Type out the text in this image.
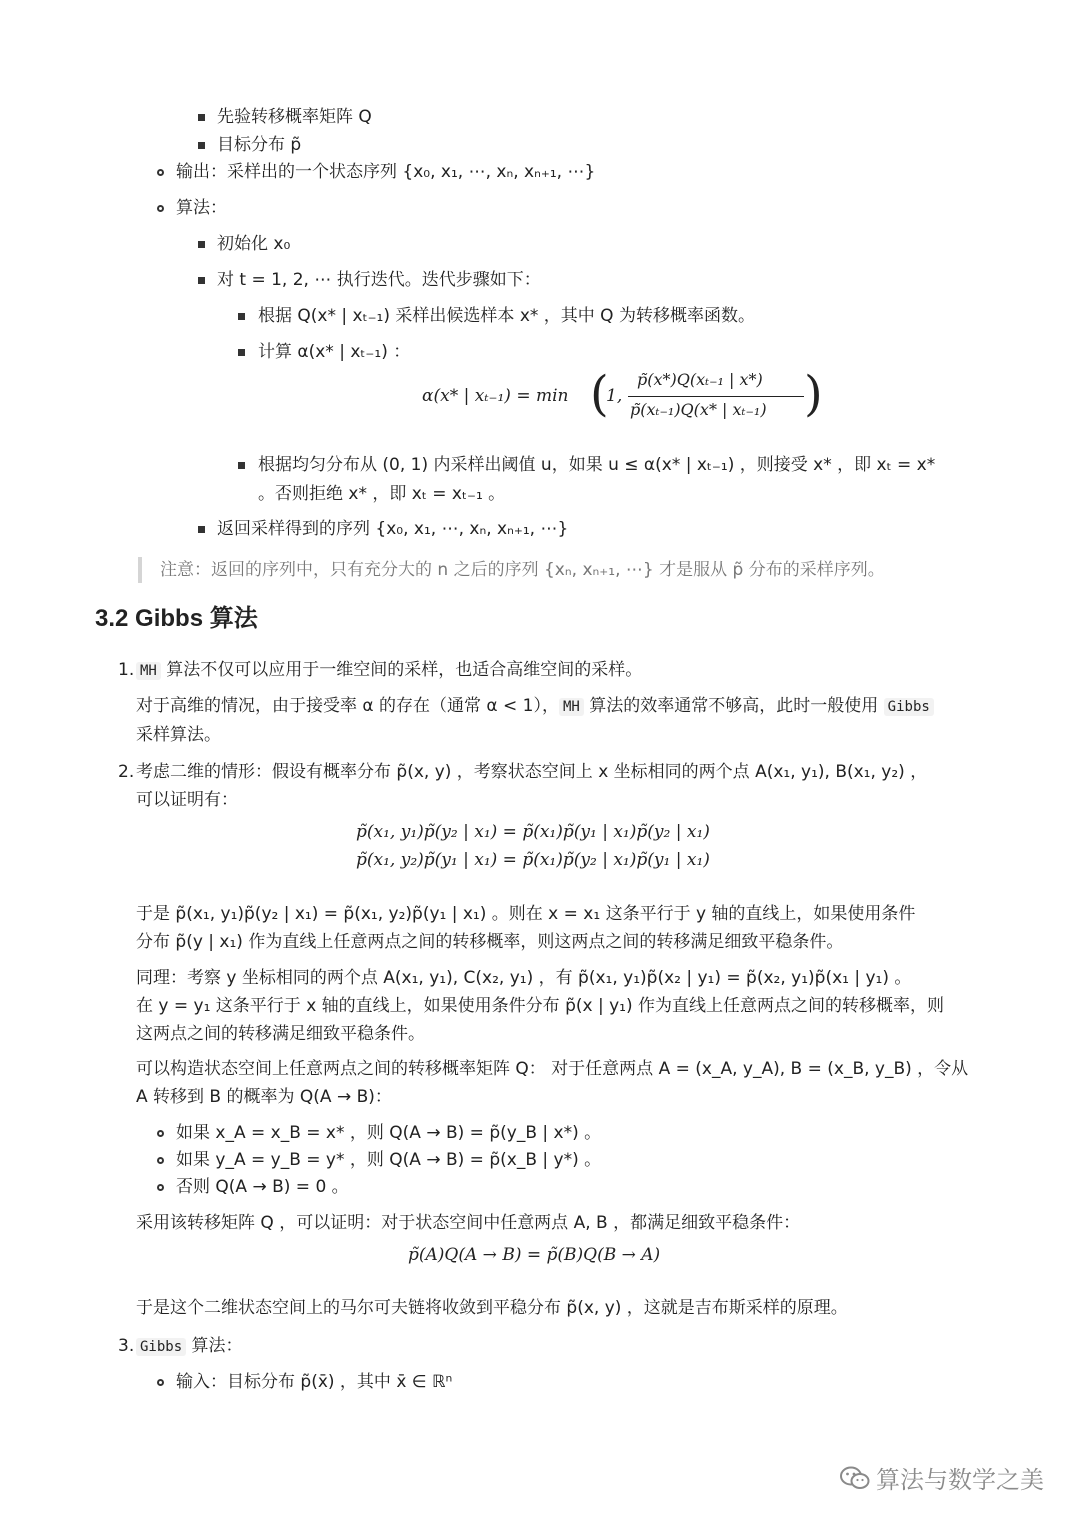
先验转移概率矩阵 Q
目标分布 p̃
输出：采样出的一个状态序列 {x₀, x₁, ⋯, xₙ, xₙ₊₁, ⋯}
算法：
初始化 x₀
对 t = 1, 2, ⋯ 执行迭代。迭代步骤如下：
根据 Q(x* | xₜ₋₁) 采样出候选样本 x* ，其中 Q 为转移概率函数。
计算 α(x* | xₜ₋₁) ：
α(x* | xₜ₋₁) = min (
1,
p̃(x*)Q(xₜ₋₁ | x*)
p̃(xₜ₋₁)Q(x* | xₜ₋₁) )
根据均匀分布从 (0, 1) 内采样出阈值 u，如果 u ≤ α(x* | xₜ₋₁) ，则接受 x* ，即 xₜ = x*
。否则拒绝 x* ，即 xₜ = xₜ₋₁ 。
返回采样得到的序列 {x₀, x₁, ⋯, xₙ, xₙ₊₁, ⋯}
注意：返回的序列中，只有充分大的 n 之后的序列 {xₙ, xₙ₊₁, ⋯} 才是服从 p̃ 分布的采样序列。
3.2 Gibbs 算法
1. MH 算法不仅可以应用于一维空间的采样，也适合高维空间的采样。
对于高维的情况，由于接受率 α 的存在（通常 α < 1）， MH 算法的效率通常不够高，此时一般使用 Gibbs
采样算法。
2. 考虑二维的情形：假设有概率分布 p̃(x, y) ，考察状态空间上 x 坐标相同的两个点 A(x₁, y₁), B(x₁, y₂) ，
可以证明有：
p̃(x₁, y₁)p̃(y₂ | x₁) = p̃(x₁)p̃(y₁ | x₁)p̃(y₂ | x₁)
p̃(x₁, y₂)p̃(y₁ | x₁) = p̃(x₁)p̃(y₂ | x₁)p̃(y₁ | x₁)
于是 p̃(x₁, y₁)p̃(y₂ | x₁) = p̃(x₁, y₂)p̃(y₁ | x₁) 。则在 x = x₁ 这条平行于 y 轴的直线上，如果使用条件
分布 p̃(y | x₁) 作为直线上任意两点之间的转移概率，则这两点之间的转移满足细致平稳条件。
同理：考察 y 坐标相同的两个点 A(x₁, y₁), C(x₂, y₁) ，有 p̃(x₁, y₁)p̃(x₂ | y₁) = p̃(x₂, y₁)p̃(x₁ | y₁) 。
在 y = y₁ 这条平行于 x 轴的直线上，如果使用条件分布 p̃(x | y₁) 作为直线上任意两点之间的转移概率，则
这两点之间的转移满足细致平稳条件。
可以构造状态空间上任意两点之间的转移概率矩阵 Q： 对于任意两点 A = (x_A, y_A), B = (x_B, y_B) ，令从
A 转移到 B 的概率为 Q(A → B)：
如果 x_A = x_B = x* ，则 Q(A → B) = p̃(y_B | x*) 。
如果 y_A = y_B = y* ，则 Q(A → B) = p̃(x_B | y*) 。
否则 Q(A → B) = 0 。
采用该转移矩阵 Q ，可以证明：对于状态空间中任意两点 A, B ，都满足细致平稳条件：
p̃(A)Q(A → B) = p̃(B)Q(B → A)
于是这个二维状态空间上的马尔可夫链将收敛到平稳分布 p̃(x, y) ，这就是吉布斯采样的原理。
3. Gibbs 算法：
输入：目标分布 p̃(x̄) ，其中 x̄ ∈ ℝⁿ
算法与数学之美
